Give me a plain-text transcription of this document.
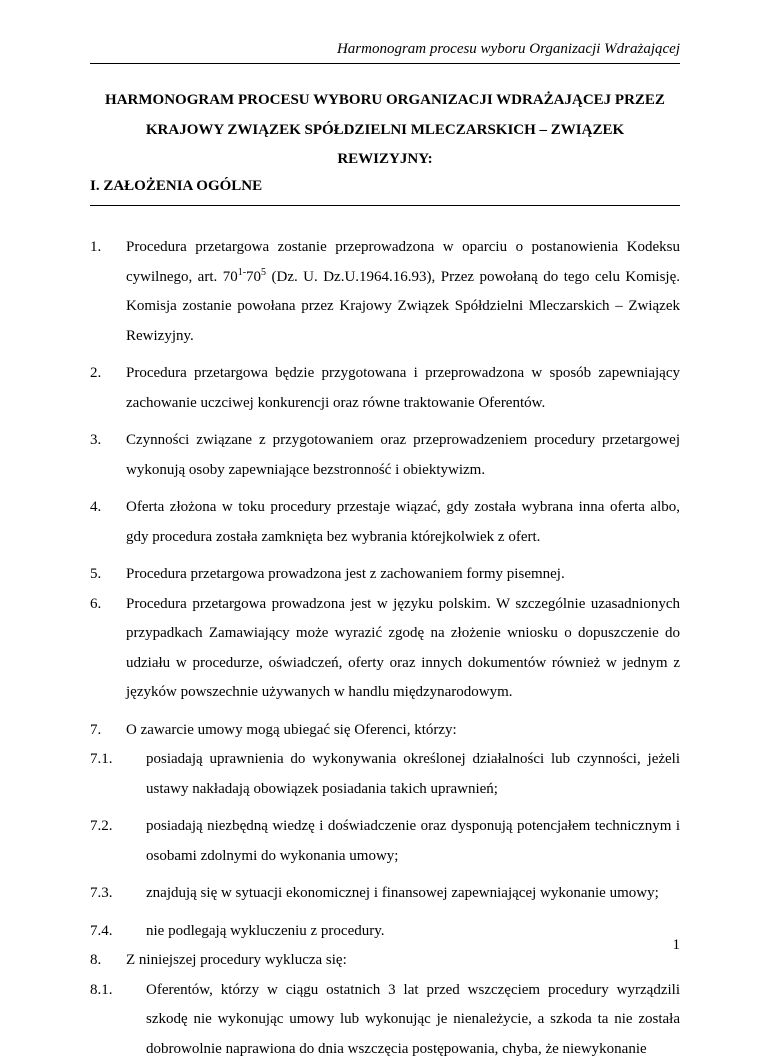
Harmonogram procesu wyboru Organizacji Wdrażającej
HARMONOGRAM PROCESU WYBORU ORGANIZACJI WDRAŻAJĄCEJ PRZEZ
KRAJOWY ZWIĄZEK SPÓŁDZIELNI MLECZARSKICH – ZWIĄZEK
REWIZYJNY:
I. ZAŁOŻENIA OGÓLNE
1.	Procedura przetargowa zostanie przeprowadzona w oparciu o postanowienia Kodeksu cywilnego, art. $70^{1-}70^5$ (Dz. U. Dz.U.1964.16.93), Przez powołaną do tego celu Komisję. Komisja zostanie powołana przez Krajowy Związek Spółdzielni Mleczarskich – Związek Rewizyjny.
2.	Procedura przetargowa będzie przygotowana i przeprowadzona w sposób zapewniający zachowanie uczciwej konkurencji oraz równe traktowanie Oferentów.
3.	Czynności związane z przygotowaniem oraz przeprowadzeniem procedury przetargowej wykonują osoby zapewniające bezstronność i obiektywizm.
4.	Oferta złożona w toku procedury przestaje wiązać, gdy została wybrana inna oferta albo, gdy procedura została zamknięta bez wybrania którejkolwiek z ofert.
5.	Procedura przetargowa prowadzona jest z zachowaniem formy pisemnej.
6.	Procedura przetargowa prowadzona jest w języku polskim. W szczególnie uzasadnionych przypadkach Zamawiający może wyrazić zgodę na złożenie wniosku o dopuszczenie do udziału w procedurze, oświadczeń, oferty oraz innych dokumentów również w jednym z języków powszechnie używanych w handlu międzynarodowym.
7.	O zawarcie umowy mogą ubiegać się Oferenci, którzy:
7.1.	posiadają uprawnienia do wykonywania określonej działalności lub czynności, jeżeli ustawy nakładają obowiązek posiadania takich uprawnień;
7.2.	posiadają niezbędną wiedzę i doświadczenie oraz dysponują potencjałem technicznym i osobami zdolnymi do wykonania umowy;
7.3.	znajdują się w sytuacji ekonomicznej i finansowej zapewniającej wykonanie umowy;
7.4.	nie podlegają wykluczeniu z procedury.
8.	Z niniejszej procedury wyklucza się:
8.1.	Oferentów, którzy w ciągu ostatnich 3 lat przed wszczęciem procedury wyrządzili szkodę nie wykonując umowy lub wykonując je nienależycie, a szkoda ta nie została dobrowolnie naprawiona do dnia wszczęcia postępowania, chyba, że niewykonanie
1
